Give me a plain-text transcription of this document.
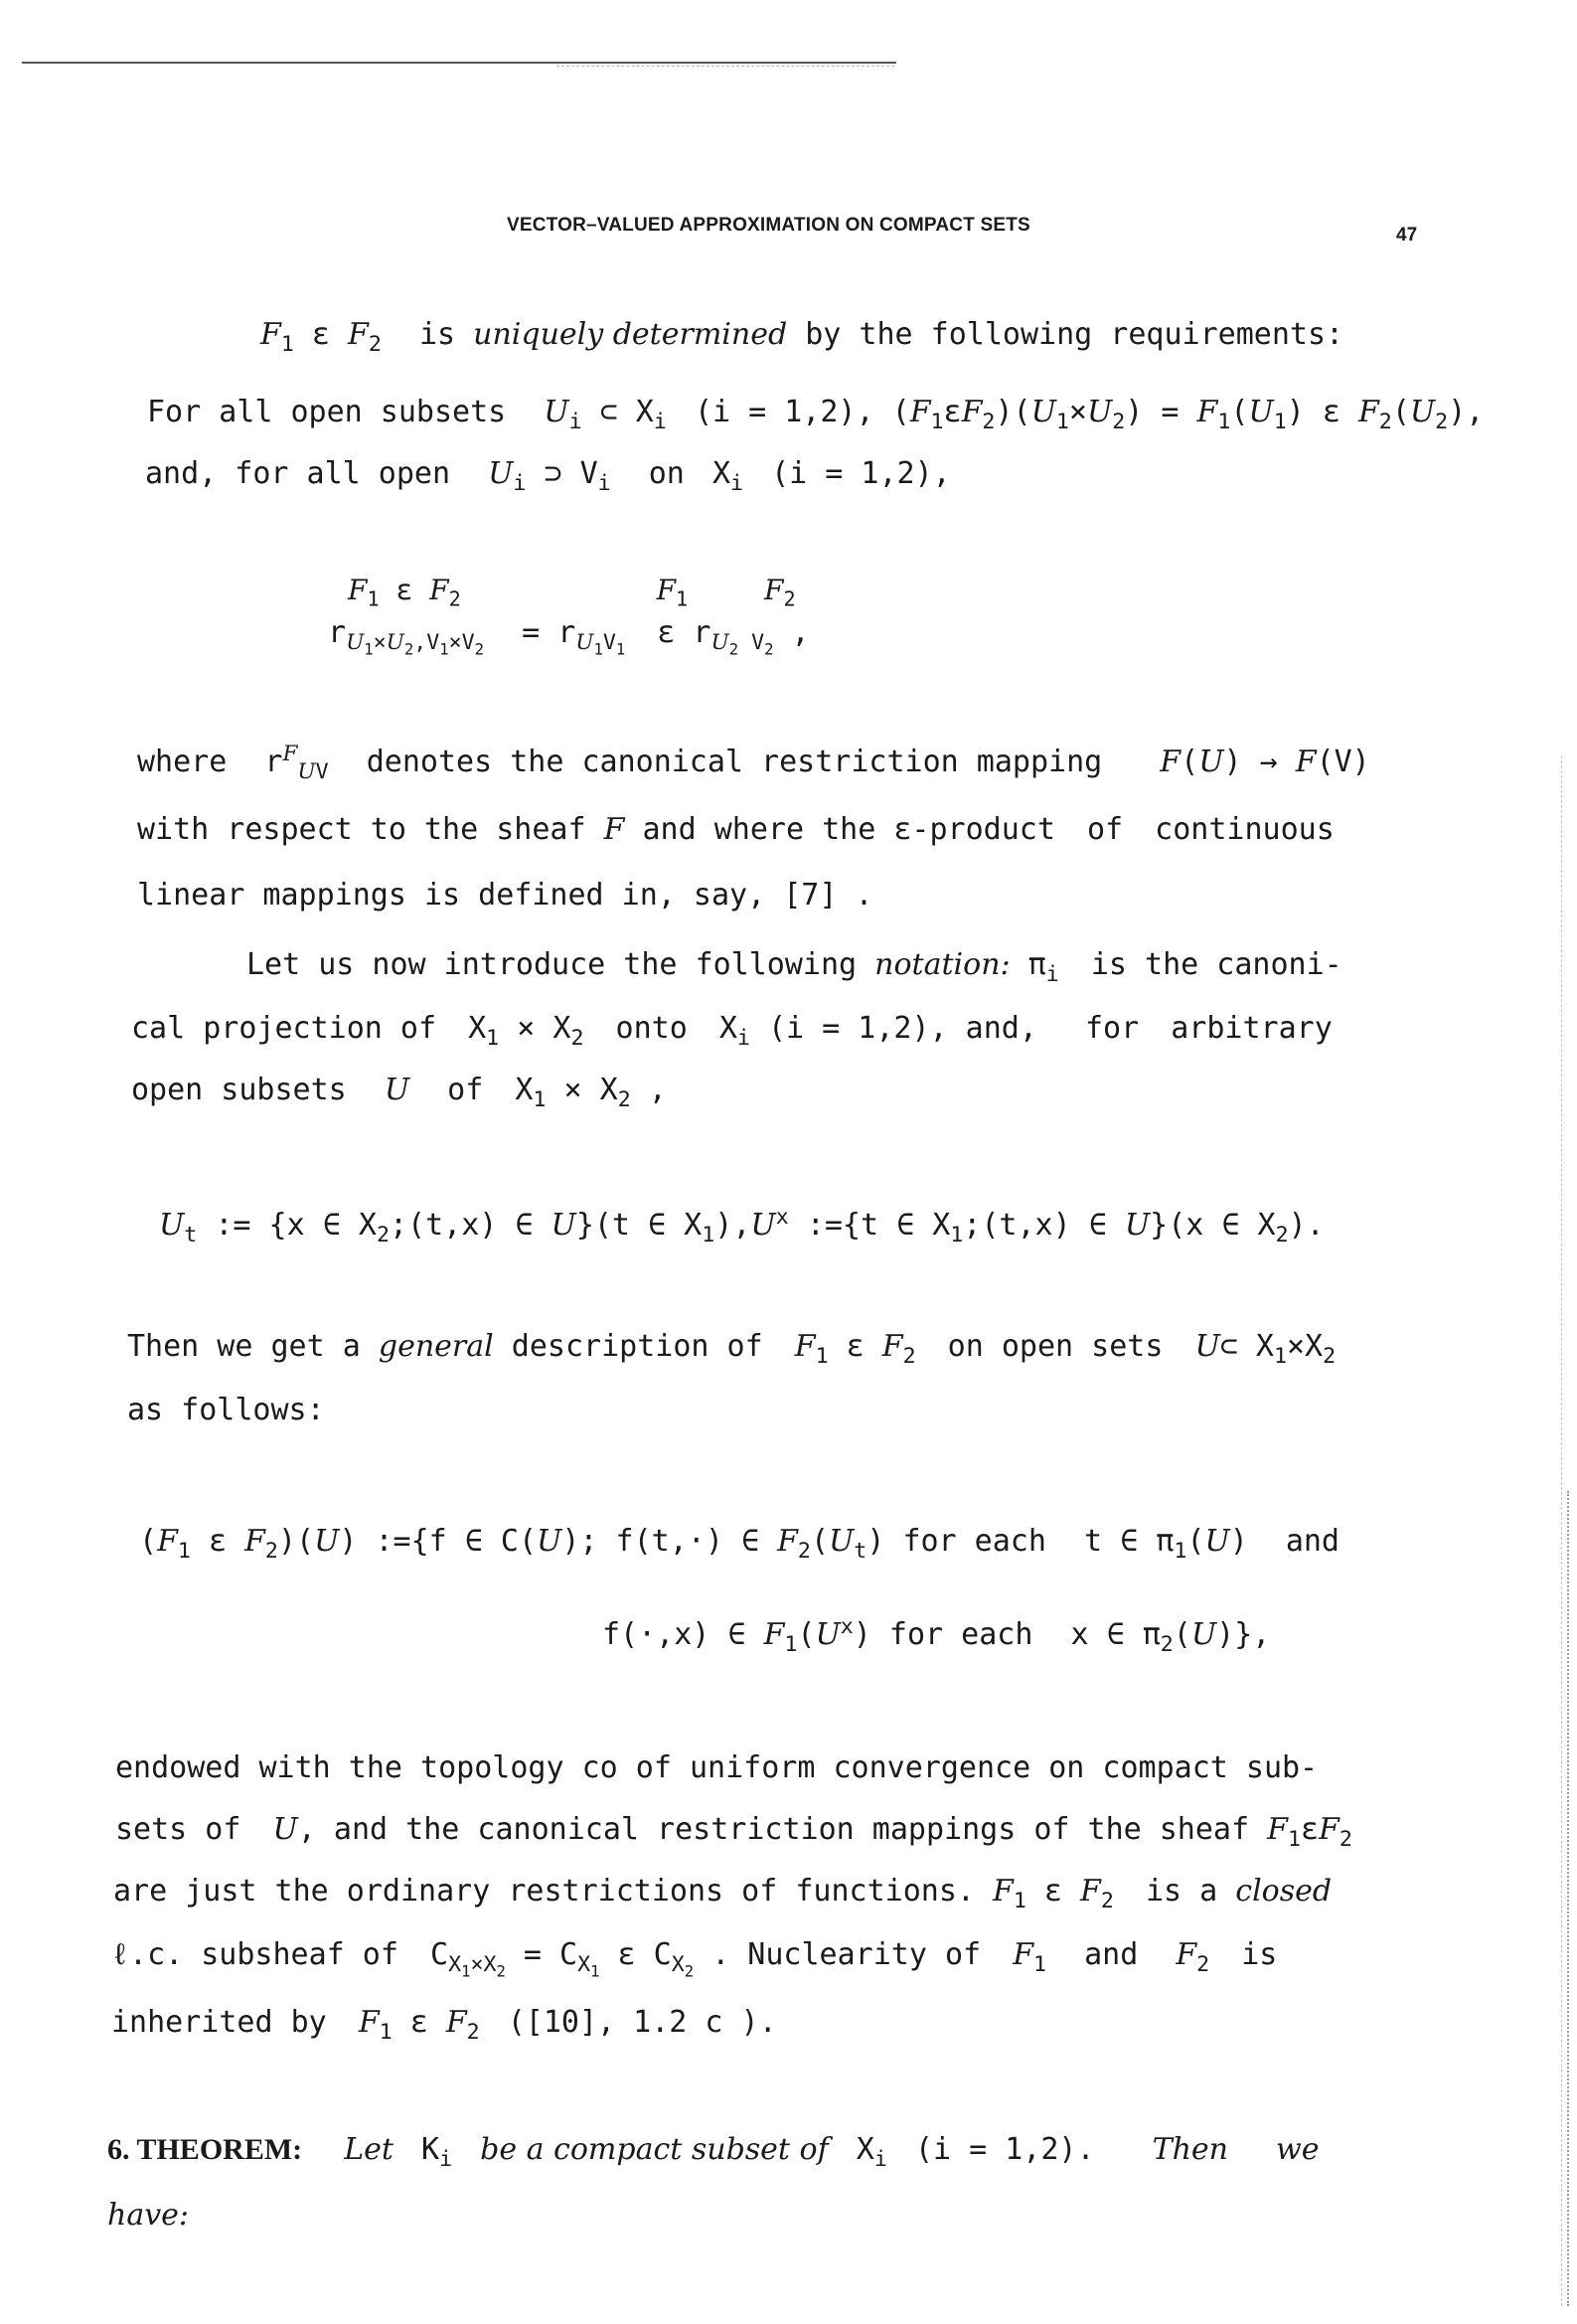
VECTOR–VALUED APPROXIMATION ON COMPACT SETS	47
$F_1$ ε $F_2$ is uniquely determined by the following requirements:
For all open subsets $U_i$ ⊂ $X_i$ (i = 1,2), $(F_1\varepsilon F_2)(U_1\times U_2) = F_1(U_1)$ ε $F_2(U_2)$,
and, for all open $U_i$ ⊃ $V_i$ on $X_i$ (i = 1,2),
$F_1$ ε $F_2$	$F_1$	$F_2$
$r_{U_1\times U_2,V_1\times V_2} = r_{U_1V_1}$ ε $r_{U_2 V_2}$ ,
where $r^F_{UV}$ denotes the canonical restriction mapping F(U) → F(V)
with respect to the sheaf F and where the ε-product of continuous
linear mappings is defined in, say, [7] .
Let us now introduce the following notation: $\pi_i$ is the canoni-
cal projection of $X_1 \times X_2$ onto $X_i$ (i = 1,2), and, for arbitrary
open subsets U of $X_1 \times X_2$ ,
$U_t$ := {x ∈ $X_2;(t,x)$ ∈ U}(t ∈ $X_1),U^x$ :={t ∈ $X_1;(t,x)$ ∈ U}(x ∈ $X_2$).
Then we get a general description of $F_1$ ε $F_2$ on open sets U⊂ $X_1\times X_2$
as follows:
($F_1$ ε $F_2)(U)$ :={f ∈ C(U); f(t,·) ∈ $F_2(U_t)$ for each t ∈ $\pi_1(U)$ and
f(·,x) ∈ $F_1(U^x)$ for each x ∈ $\pi_2(U)$},
endowed with the topology co of uniform convergence on compact sub-
sets of U, and the canonical restriction mappings of the sheaf $F_1\varepsilon F_2$
are just the ordinary restrictions of functions. $F_1$ ε $F_2$ is a closed
ℓ.c. subsheaf of $C_{X_1\times X_2} = C_{X_1}$ ε $C_{X_2}$ . Nuclearity of $F_1$ and $F_2$ is
inherited by $F_1$ ε $F_2$ ([10], 1.2 c ).
6. THEOREM: Let $K_i$ be a compact subset of $X_i$ (i = 1,2). Then we
have:
